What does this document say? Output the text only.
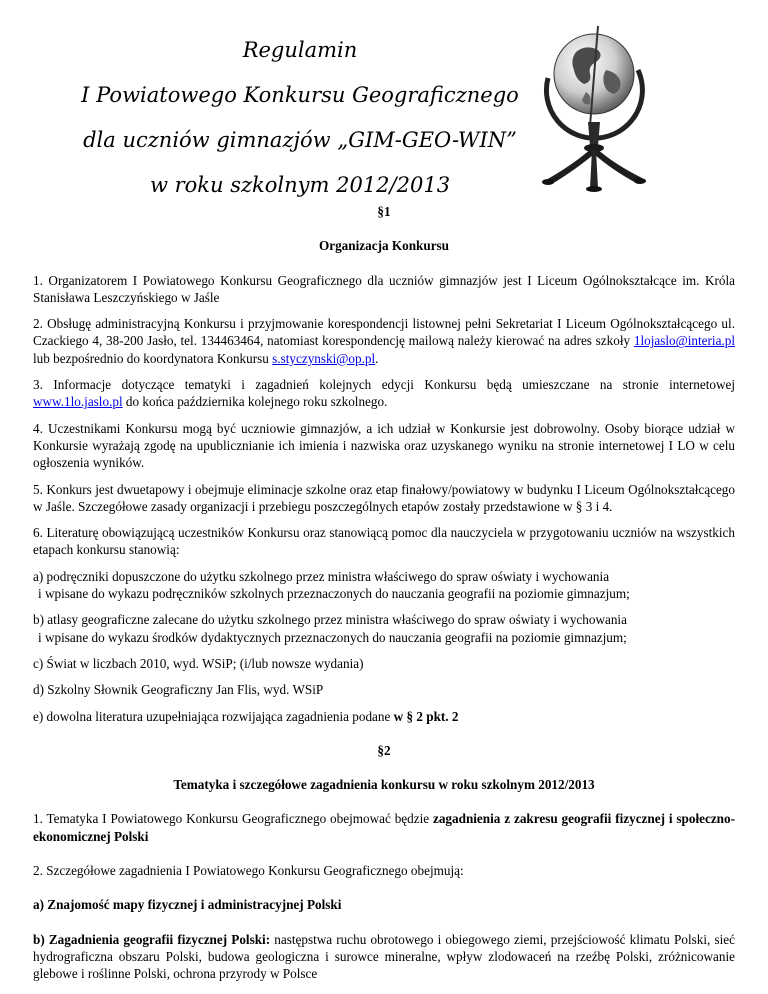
Regulamin
I Powiatowego Konkursu Geograficznego
dla uczniów gimnazjów „GIM-GEO-WIN”
w roku szkolnym 2012/2013
§1
Organizacja Konkursu

1. Organizatorem I Powiatowego Konkursu Geograficznego dla uczniów gimnazjów jest I Liceum Ogólnokształcące im. Króla Stanisława Leszczyńskiego w Jaśle

2. Obsługę administracyjną Konkursu i przyjmowanie korespondencji listownej pełni Sekretariat I Liceum Ogólnokształcącego ul. Czackiego 4, 38-200 Jasło, tel. 134463464, natomiast korespondencję mailową należy kierować na adres szkoły 1lojaslo@interia.pl lub bezpośrednio do koordynatora Konkursu s.styczynski@op.pl.

3. Informacje dotyczące tematyki i zagadnień kolejnych edycji Konkursu będą umieszczane na stronie internetowej www.1lo.jaslo.pl do końca października kolejnego roku szkolnego.

4. Uczestnikami Konkursu mogą być uczniowie gimnazjów, a ich udział w Konkursie jest dobrowolny. Osoby biorące udział w Konkursie wyrażają zgodę na upublicznianie ich imienia i nazwiska oraz uzyskanego wyniku na stronie internetowej I LO w celu ogłoszenia wyników.

5. Konkurs jest dwuetapowy i obejmuje eliminacje szkolne oraz etap finałowy/powiatowy w budynku I Liceum Ogólnokształcącego w Jaśle. Szczegółowe zasady organizacji i przebiegu poszczególnych etapów zostały przedstawione w § 3 i 4.

6. Literaturę obowiązującą uczestników Konkursu oraz stanowiącą pomoc dla nauczyciela w przygotowaniu uczniów na wszystkich etapach konkursu stanowią:

a) podręczniki dopuszczone do użytku szkolnego przez ministra właściwego do spraw oświaty i wychowania
i wpisane do wykazu podręczników szkolnych przeznaczonych do nauczania geografii na poziomie gimnazjum;

b) atlasy geograficzne zalecane do użytku szkolnego przez ministra właściwego do spraw oświaty i wychowania
i wpisane do wykazu środków dydaktycznych przeznaczonych do nauczania geografii na poziomie gimnazjum;

c) Świat w liczbach 2010, wyd. WSiP; (i/lub nowsze wydania)

d) Szkolny Słownik Geograficzny Jan Flis, wyd. WSiP

e) dowolna literatura uzupełniająca rozwijająca zagadnienia podane w § 2 pkt. 2

§2
Tematyka i szczegółowe zagadnienia konkursu w roku szkolnym 2012/2013

1. Tematyka I Powiatowego Konkursu Geograficznego obejmować będzie zagadnienia z zakresu geografii fizycznej i społeczno-ekonomicznej Polski

2. Szczegółowe zagadnienia I Powiatowego Konkursu Geograficznego obejmują:

a) Znajomość mapy fizycznej i administracyjnej Polski

b) Zagadnienia geografii fizycznej Polski: następstwa ruchu obrotowego i obiegowego ziemi, przejściowość klimatu Polski, sieć hydrograficzna obszaru Polski, budowa geologiczna i surowce mineralne, wpływ zlodowaceń na rzeźbę Polski, zróżnicowanie glebowe i roślinne Polski, ochrona przyrody w Polsce
